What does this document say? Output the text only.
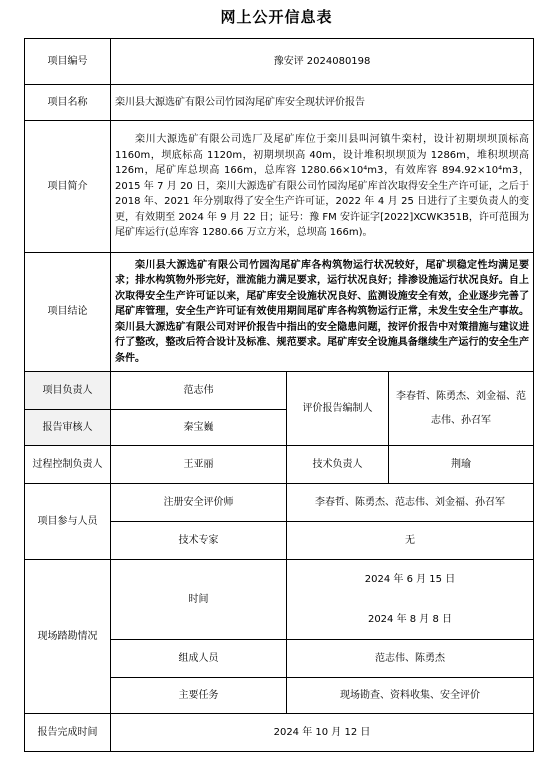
网上公开信息表
项目编号	豫安评 2024080198		
项目名称	栾川县大源选矿有限公司竹园沟尾矿库安全现状评价报告		
项目简介	栾川大源选矿有限公司选厂及尾矿库位于栾川县叫河镇牛栾村，设计初期坝坝顶标高 1160m，坝底标高 1120m，初期坝坝高 40m，设计堆积坝坝顶为 1286m，堆积坝坝高 126m，尾矿库总坝高 166m，总库容 1280.66×10⁴m3，有效库容 894.92×10⁴m3，2015 年 7 月 20 日，栾川大源选矿有限公司竹园沟尾矿库首次取得安全生产许可证，之后于 2018 年、2021 年分别取得了安全生产许可证，2022 年 4 月 25 日进行了主要负责人的变更，有效期至 2024 年 9 月 22 日；证号：豫 FM 安许证字[2022]XCWK351B，许可范围为尾矿库运行(总库容 1280.66 万立方米，总坝高 166m)。		
项目结论	栾川县大源选矿有限公司竹园沟尾矿库各构筑物运行状况较好，尾矿坝稳定性均满足要求；排水构筑物外形完好，泄流能力满足要求，运行状况良好；排渗设施运行状况良好。自上次取得安全生产许可证以来，尾矿库安全设施状况良好、监测设施安全有效，企业逐步完善了尾矿库管理，安全生产许可证有效使用期间尾矿库各构筑物运行正常，未发生安全生产事故。栾川县大源选矿有限公司对评价报告中指出的安全隐患问题，按评价报告中对策措施与建议进行了整改，整改后符合设计及标准、规范要求。尾矿库安全设施具备继续生产运行的安全生产条件。		
项目负责人	范志伟	评价报告编制人	李春哲、陈勇杰、刘金福、范志伟、孙召军
报告审核人	秦宝巍		
过程控制负责人	王亚丽	技术负责人	荆瑜
项目参与人员	注册安全评价师	李春哲、陈勇杰、范志伟、刘金福、孙召军	
	技术专家	无	
现场踏勘情况	时间	2024 年 6 月 15 日	
		2024 年 8 月 8 日	
	组成人员	范志伟、陈勇杰	
	主要任务	现场勘查、资料收集、安全评价	
报告完成时间	2024 年 10 月 12 日		
